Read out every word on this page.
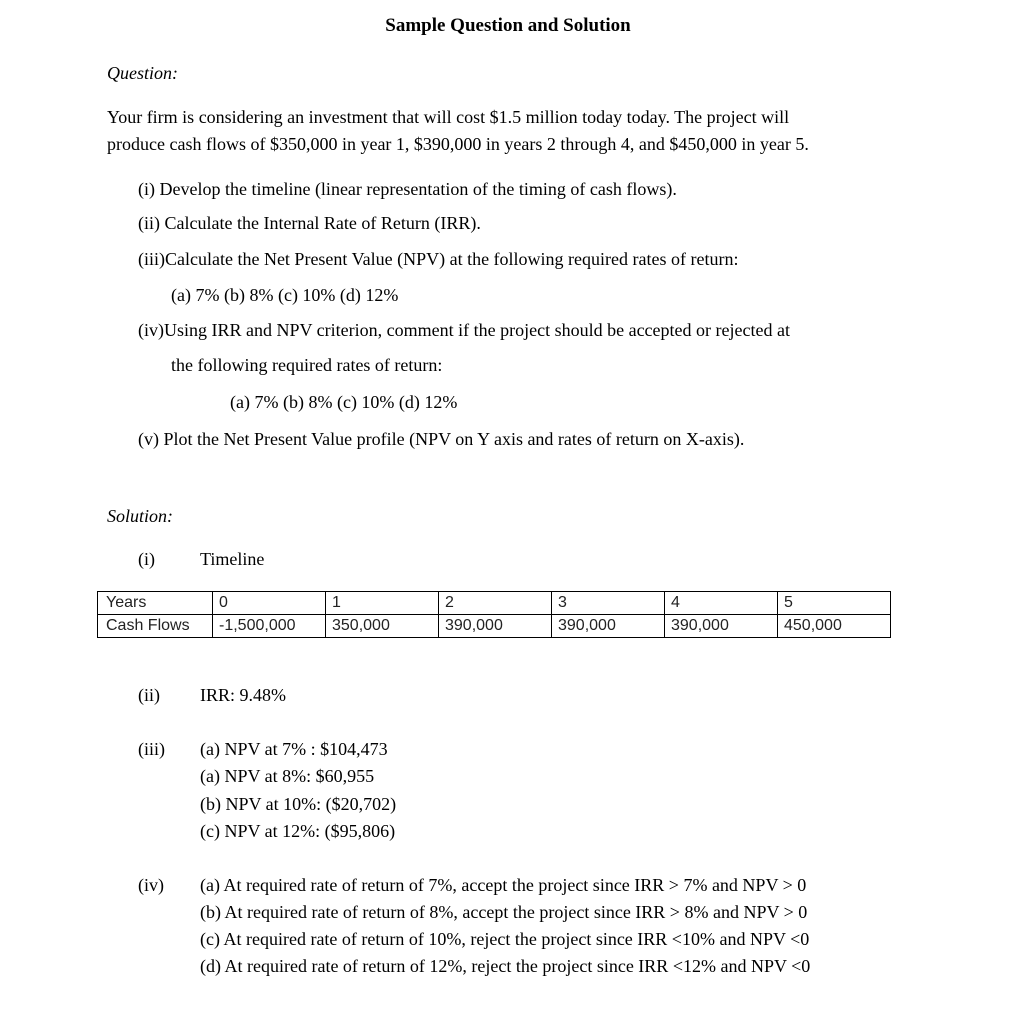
Sample Question and Solution
Question:
Your firm is considering an investment that will cost $1.5 million today today. The project will
produce cash flows of $350,000 in year 1, $390,000 in years 2 through 4, and $450,000 in year 5.
(i) Develop the timeline (linear representation of the timing of cash flows).
(ii) Calculate the Internal Rate of Return (IRR).
(iii)Calculate the Net Present Value (NPV) at the following required rates of return:
(a) 7% (b) 8% (c) 10% (d) 12%
(iv)Using IRR and NPV criterion, comment if the project should be accepted or rejected at
the following required rates of return:
(a) 7% (b) 8% (c) 10% (d) 12%
(v) Plot the Net Present Value profile (NPV on Y axis and rates of return on X-axis).
Solution:
(i)	Timeline
Years	0	1	2	3	4	5
Cash Flows	-1,500,000	350,000	390,000	390,000	390,000	450,000
(ii) IRR: 9.48%
(iii) (a) NPV at 7% : $104,473
(a) NPV at 8%: $60,955
(b) NPV at 10%: ($20,702)
(c) NPV at 12%: ($95,806)
(iv) (a) At required rate of return of 7%, accept the project since IRR > 7% and NPV > 0
(b) At required rate of return of 8%, accept the project since IRR > 8% and NPV > 0
(c) At required rate of return of 10%, reject the project since IRR <10% and NPV <0
(d) At required rate of return of 12%, reject the project since IRR <12% and NPV <0
